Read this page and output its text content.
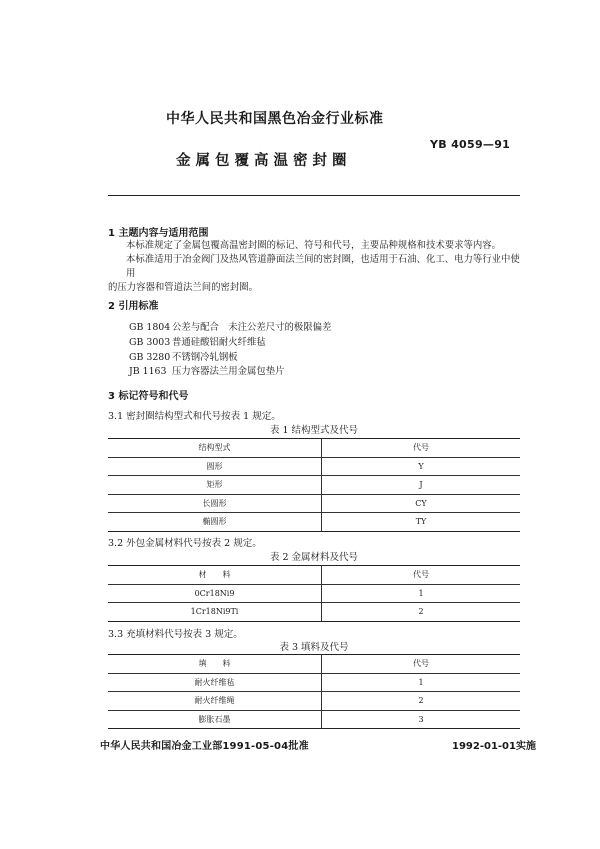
中华人民共和国黑色冶金行业标准
YB 4059—91
金属包覆高温密封圈
1 主题内容与适用范围
本标准规定了金属包覆高温密封圈的标记、符号和代号，主要品种规格和技术要求等内容。
本标准适用于冶金阀门及热风管道静面法兰间的密封圈，也适用于石油、化工、电力等行业中使用
的压力容器和管道法兰间的密封圈。
2 引用标准
GB 1804 公差与配合　未注公差尺寸的极限偏差
GB 3003 普通硅酸铝耐火纤维毡
GB 3280 不锈钢冷轧钢板
JB 1163 压力容器法兰用金属包垫片
3 标记符号和代号
3.1 密封圈结构型式和代号按表 1 规定。
表 1 结构型式及代号
结构型式	代号
圆形	Y
矩形	J
长圆形	CY
椭圆形	TY
3.2 外包金属材料代号按表 2 规定。
表 2 金属材料及代号
材　　料	代号
0Cr18Ni9	1
1Cr18Ni9Ti	2
3.3 充填材料代号按表 3 规定。
表 3 填料及代号
填　　料	代号
耐火纤维毡	1
耐火纤维绳	2
膨胀石墨	3
中华人民共和国冶金工业部1991-05-04批准	1992-01-01实施
